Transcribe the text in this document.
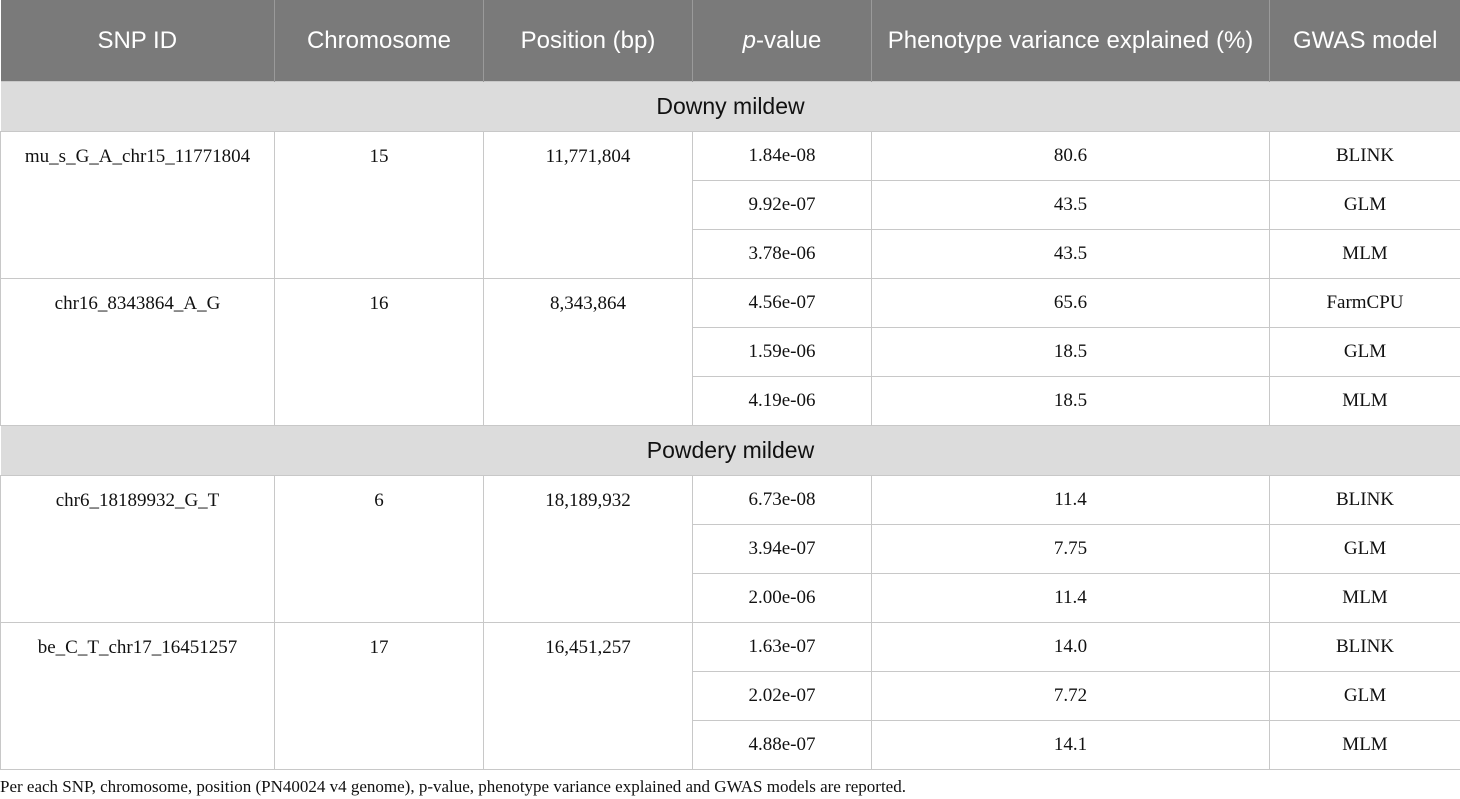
SNP ID	Chromosome	Position (bp)	p-value	Phenotype variance explained (%)	GWAS model
Downy mildew					
mu_s_G_A_chr15_11771804	15	11,771,804	1.84e-08	80.6	BLINK
			9.92e-07	43.5	GLM
			3.78e-06	43.5	MLM
chr16_8343864_A_G	16	8,343,864	4.56e-07	65.6	FarmCPU
			1.59e-06	18.5	GLM
			4.19e-06	18.5	MLM
Powdery mildew					
chr6_18189932_G_T	6	18,189,932	6.73e-08	11.4	BLINK
			3.94e-07	7.75	GLM
			2.00e-06	11.4	MLM
be_C_T_chr17_16451257	17	16,451,257	1.63e-07	14.0	BLINK
			2.02e-07	7.72	GLM
			4.88e-07	14.1	MLM
Per each SNP, chromosome, position (PN40024 v4 genome), p-value, phenotype variance explained and GWAS models are reported.
